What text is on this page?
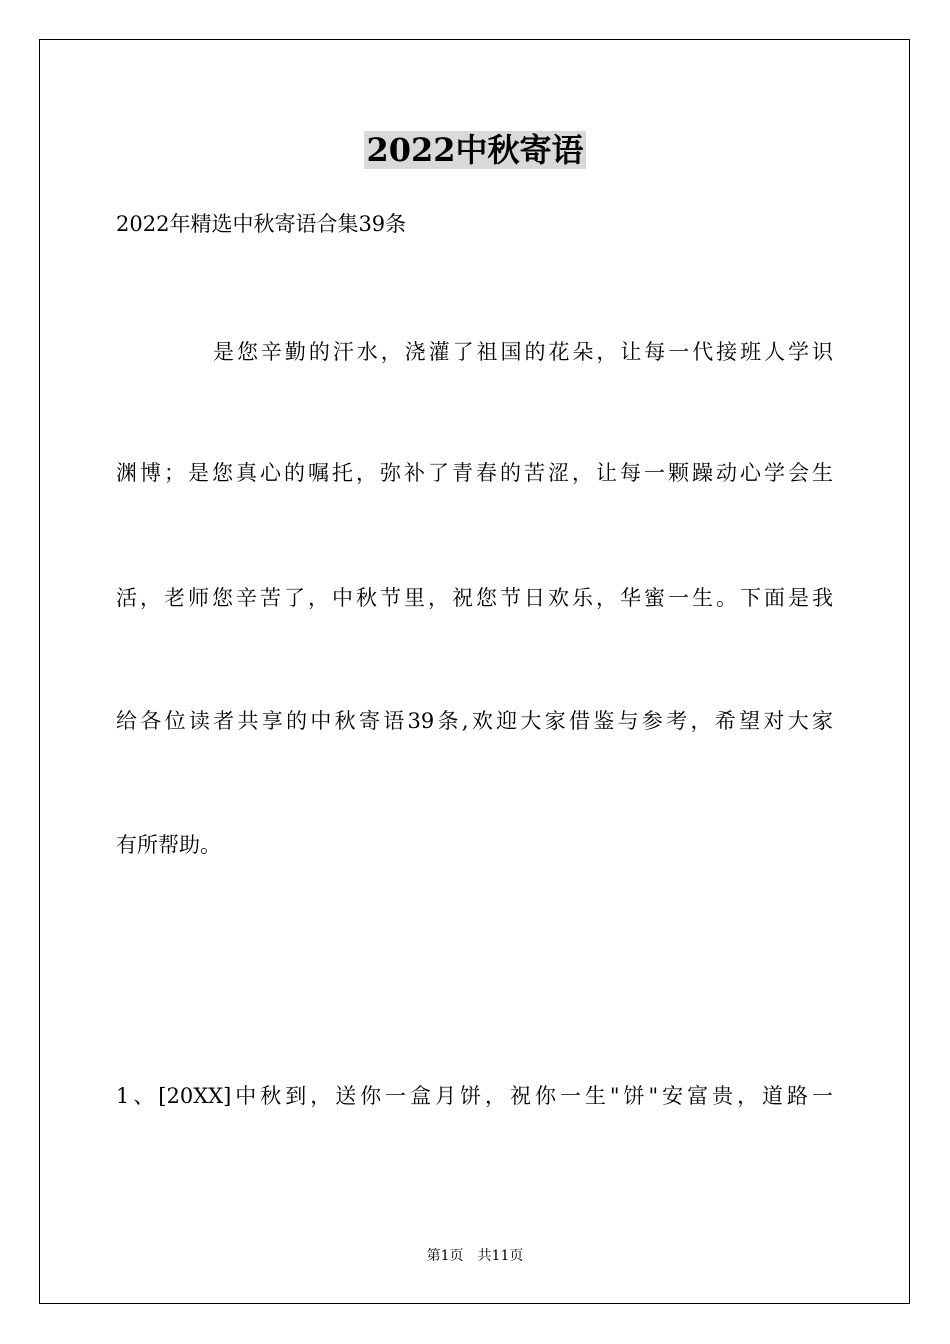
2022中秋寄语
2022年精选中秋寄语合集39条
是您辛勤的汗水，浇灌了祖国的花朵，让每一代接班人学识
渊博；是您真心的嘱托，弥补了青春的苦涩，让每一颗躁动心学会生
活，老师您辛苦了，中秋节里，祝您节日欢乐，华蜜一生。下面是我
给各位读者共享的中秋寄语39条,欢迎大家借鉴与参考，希望对大家
有所帮助。
1、[20XX]中秋到，送你一盒月饼，祝你一生"饼"安富贵，道路一
第1页　共11页
